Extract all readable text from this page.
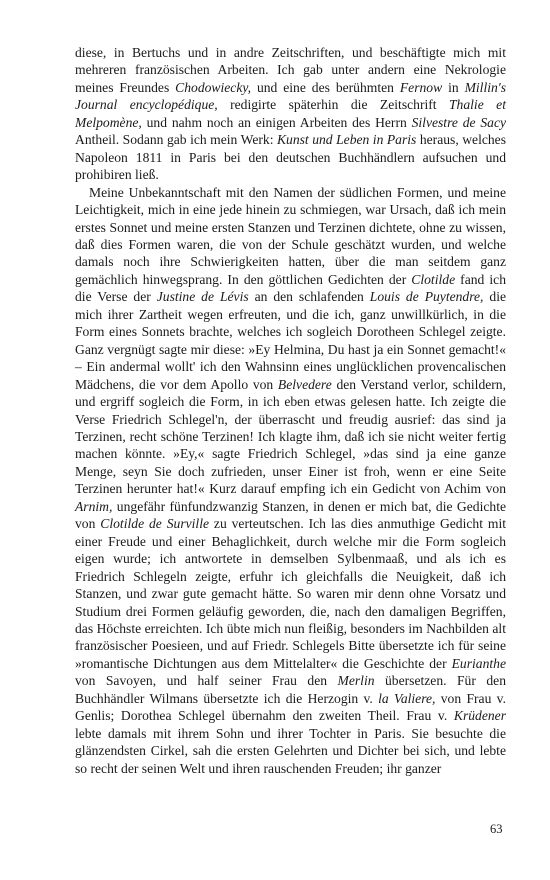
diese, in Bertuchs und in andre Zeitschriften, und beschäftigte mich mit mehreren französischen Arbeiten. Ich gab unter andern eine Nekrologie meines Freundes Chodowiecky, und eine des berühmten Fernow in Millin's Journal encyclopédique, redigirte späterhin die Zeitschrift Thalie et Melpomène, und nahm noch an einigen Arbeiten des Herrn Silvestre de Sacy Antheil. Sodann gab ich mein Werk: Kunst und Leben in Paris heraus, welches Napoleon 1811 in Paris bei den deutschen Buchhändlern aufsuchen und prohibiren ließ.

Meine Unbekanntschaft mit den Namen der südlichen Formen, und meine Leichtigkeit, mich in eine jede hinein zu schmiegen, war Ursach, daß ich mein erstes Sonnet und meine ersten Stanzen und Terzinen dichtete, ohne zu wissen, daß dies Formen waren, die von der Schule geschätzt wurden, und welche damals noch ihre Schwierigkeiten hatten, über die man seitdem ganz gemächlich hinwegsprang. In den göttlichen Gedichten der Clotilde fand ich die Verse der Justine de Lévis an den schlafenden Louis de Puytendre, die mich ihrer Zartheit wegen erfreuten, und die ich, ganz unwillkürlich, in die Form eines Sonnets brachte, welches ich sogleich Dorotheen Schlegel zeigte. Ganz vergnügt sagte mir diese: »Ey Helmina, Du hast ja ein Sonnet gemacht!« – Ein andermal wollt' ich den Wahnsinn eines unglücklichen provencalischen Mädchens, die vor dem Apollo von Belvedere den Verstand verlor, schildern, und ergriff sogleich die Form, in ich eben etwas gelesen hatte. Ich zeigte die Verse Friedrich Schlegel'n, der überrascht und freudig ausrief: das sind ja Terzinen, recht schöne Terzinen! Ich klagte ihm, daß ich sie nicht weiter fertig machen könnte. »Ey,« sagte Friedrich Schlegel, »das sind ja eine ganze Menge, seyn Sie doch zufrieden, unser Einer ist froh, wenn er eine Seite Terzinen herunter hat!« Kurz darauf empfing ich ein Gedicht von Achim von Arnim, ungefähr fünfundzwanzig Stanzen, in denen er mich bat, die Gedichte von Clotilde de Surville zu verteutschen. Ich las dies anmuthige Gedicht mit einer Freude und einer Behaglichkeit, durch welche mir die Form sogleich eigen wurde; ich antwortete in demselben Sylbenmaaß, und als ich es Friedrich Schlegeln zeigte, erfuhr ich gleichfalls die Neuigkeit, daß ich Stanzen, und zwar gute gemacht hätte. So waren mir denn ohne Vorsatz und Studium drei Formen geläufig geworden, die, nach den damaligen Begriffen, das Höchste erreichten. Ich übte mich nun fleißig, besonders im Nachbilden alt französischer Poesieen, und auf Friedr. Schlegels Bitte übersetzte ich für seine »romantische Dichtungen aus dem Mittelalter« die Geschichte der Eurianthe von Savoyen, und half seiner Frau den Merlin übersetzen. Für den Buchhändler Wilmans übersetzte ich die Herzogin v. la Valiere, von Frau v. Genlis; Dorothea Schlegel übernahm den zweiten Theil. Frau v. Krüdener lebte damals mit ihrem Sohn und ihrer Tochter in Paris. Sie besuchte die glänzendsten Cirkel, sah die ersten Gelehrten und Dichter bei sich, und lebte so recht der seinen Welt und ihren rauschenden Freuden; ihr ganzer

63
